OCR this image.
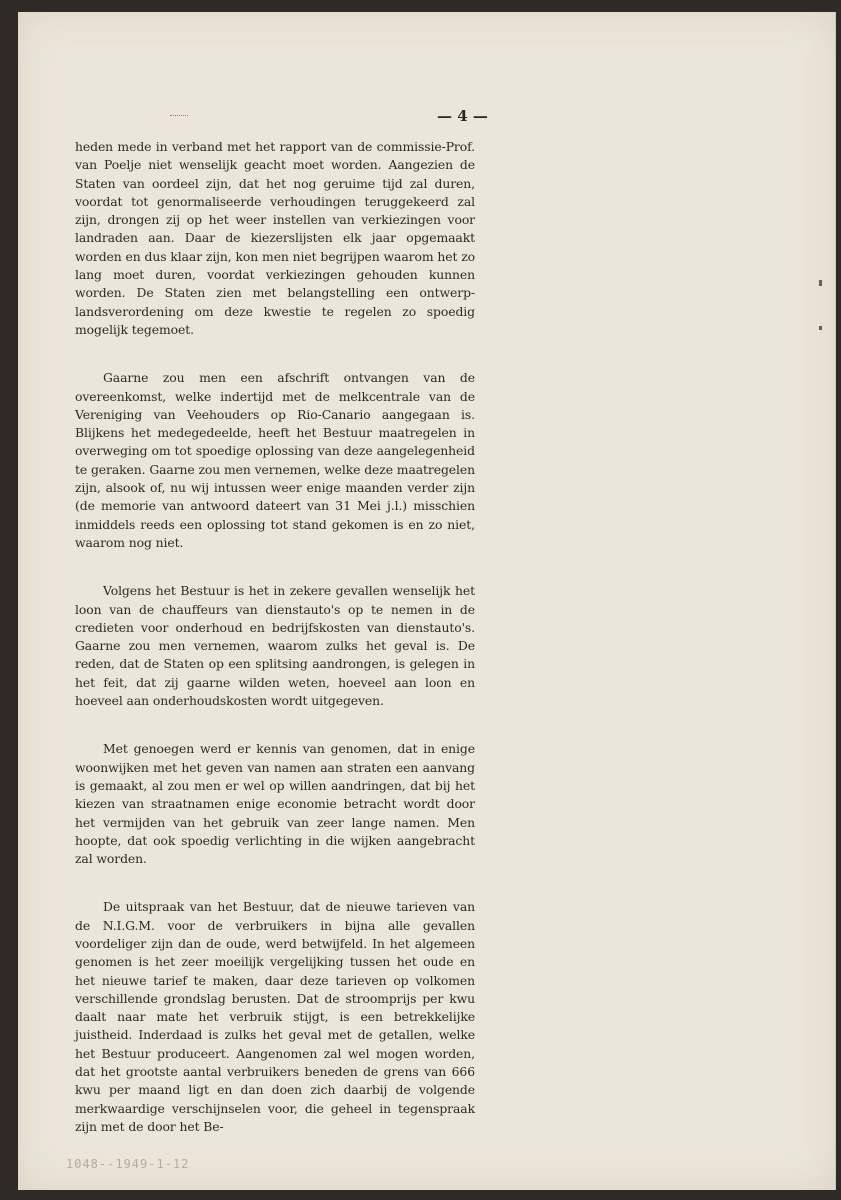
— 4 —

heden mede in verband met het rapport van de commissie-Prof. van Poelje niet wenselijk geacht moet worden. Aangezien de Staten van oordeel zijn, dat het nog geruime tijd zal duren, voordat tot genormaliseerde verhoudingen teruggekeerd zal zijn, drongen zij op het weer instellen van verkiezingen voor landraden aan. Daar de kiezerslijsten elk jaar opgemaakt worden en dus klaar zijn, kon men niet begrijpen waarom het zo lang moet duren, voordat verkiezingen gehouden kunnen worden. De Staten zien met belangstelling een ontwerp-landsverordening om deze kwestie te regelen zo spoedig mogelijk tegemoet.

Gaarne zou men een afschrift ontvangen van de overeenkomst, welke indertijd met de melkcentrale van de Vereniging van Veehouders op Rio-Canario aangegaan is. Blijkens het medegedeelde, heeft het Bestuur maatregelen in overweging om tot spoedige oplossing van deze aangelegenheid te geraken. Gaarne zou men vernemen, welke deze maatregelen zijn, alsook of, nu wij intussen weer enige maanden verder zijn (de memorie van antwoord dateert van 31 Mei j.l.) misschien inmiddels reeds een oplossing tot stand gekomen is en zo niet, waarom nog niet.

Volgens het Bestuur is het in zekere gevallen wenselijk het loon van de chauffeurs van dienstauto's op te nemen in de credieten voor onderhoud en bedrijfskosten van dienstauto's. Gaarne zou men vernemen, waarom zulks het geval is. De reden, dat de Staten op een splitsing aandrongen, is gelegen in het feit, dat zij gaarne wilden weten, hoeveel aan loon en hoeveel aan onderhoudskosten wordt uitgegeven.

Met genoegen werd er kennis van genomen, dat in enige woonwijken met het geven van namen aan straten een aanvang is gemaakt, al zou men er wel op willen aandringen, dat bij het kiezen van straatnamen enige economie betracht wordt door het vermijden van het gebruik van zeer lange namen. Men hoopte, dat ook spoedig verlichting in die wijken aangebracht zal worden.

De uitspraak van het Bestuur, dat de nieuwe tarieven van de N.I.G.M. voor de verbruikers in bijna alle gevallen voordeliger zijn dan de oude, werd betwijfeld. In het algemeen genomen is het zeer moeilijk vergelijking tussen het oude en het nieuwe tarief te maken, daar deze tarieven op volkomen verschillende grondslag berusten. Dat de stroomprijs per kwu daalt naar mate het verbruik stijgt, is een betrekkelijke juistheid. Inderdaad is zulks het geval met de getallen, welke het Bestuur produceert. Aangenomen zal wel mogen worden, dat het grootste aantal verbruikers beneden de grens van 666 kwu per maand ligt en dan doen zich daarbij de volgende merkwaardige verschijnselen voor, die geheel in tegenspraak zijn met de door het Be-

1048--1949-1-12
